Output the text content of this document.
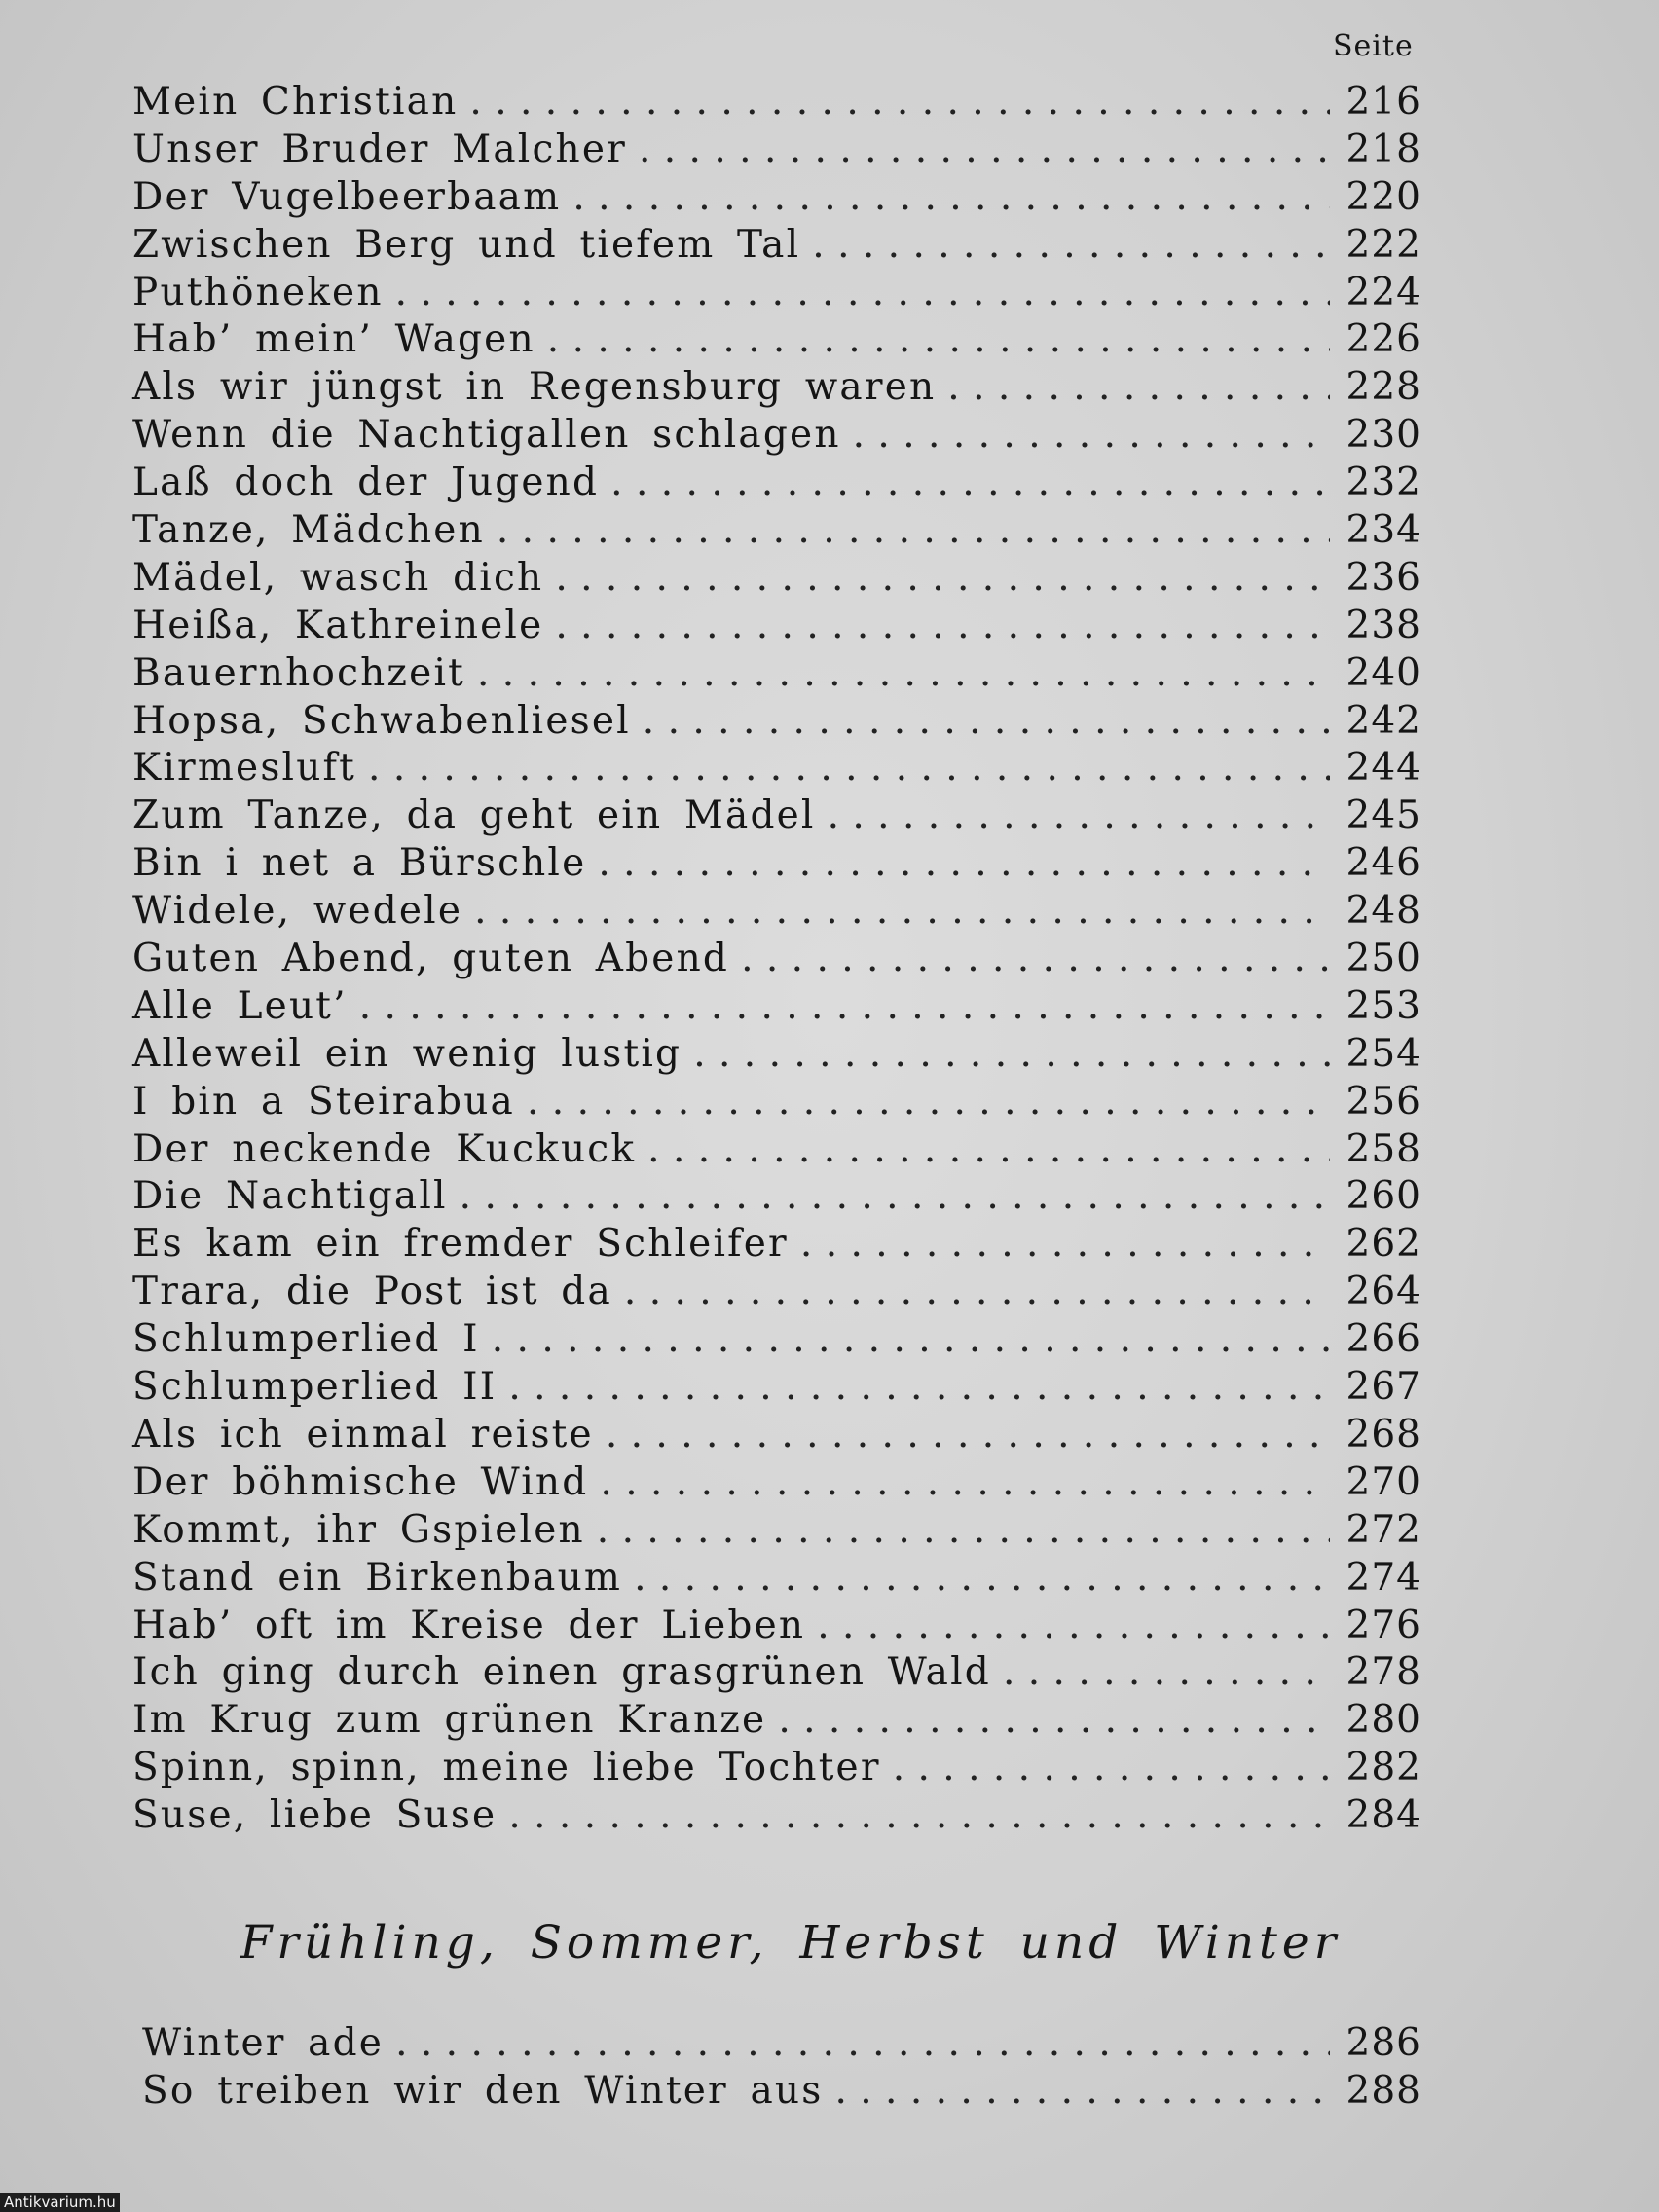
Seite
Mein Christian . . .	216
Unser Bruder Malcher . . .	218
Der Vugelbeerbaam . . .	220
Zwischen Berg und tiefem Tal . . .	222
Puthöneken . . .	224
Hab’ mein’ Wagen . . .	226
Als wir jüngst in Regensburg waren . . .	228
Wenn die Nachtigallen schlagen . . .	230
Laß doch der Jugend . . .	232
Tanze, Mädchen . . .	234
Mädel, wasch dich . . .	236
Heißa, Kathreinele . . .	238
Bauernhochzeit . . .	240
Hopsa, Schwabenliesel . . .	242
Kirmesluft . . .	244
Zum Tanze, da geht ein Mädel . . .	245
Bin i net a Bürschle . . .	246
Widele, wedele . . .	248
Guten Abend, guten Abend . . .	250
Alle Leut’ . . .	253
Alleweil ein wenig lustig . . .	254
I bin a Steirabua . . .	256
Der neckende Kuckuck . . .	258
Die Nachtigall . . .	260
Es kam ein fremder Schleifer . . .	262
Trara, die Post ist da . . .	264
Schlumperlied I . . .	266
Schlumperlied II . . .	267
Als ich einmal reiste . . .	268
Der böhmische Wind . . .	270
Kommt, ihr Gspielen . . .	272
Stand ein Birkenbaum . . .	274
Hab’ oft im Kreise der Lieben . . .	276
Ich ging durch einen grasgrünen Wald . . .	278
Im Krug zum grünen Kranze . . .	280
Spinn, spinn, meine liebe Tochter . . .	282
Suse, liebe Suse . . .	284
Frühling, Sommer, Herbst und Winter
Winter ade . . .	286
So treiben wir den Winter aus . . .	288
Antikvarium.hu
